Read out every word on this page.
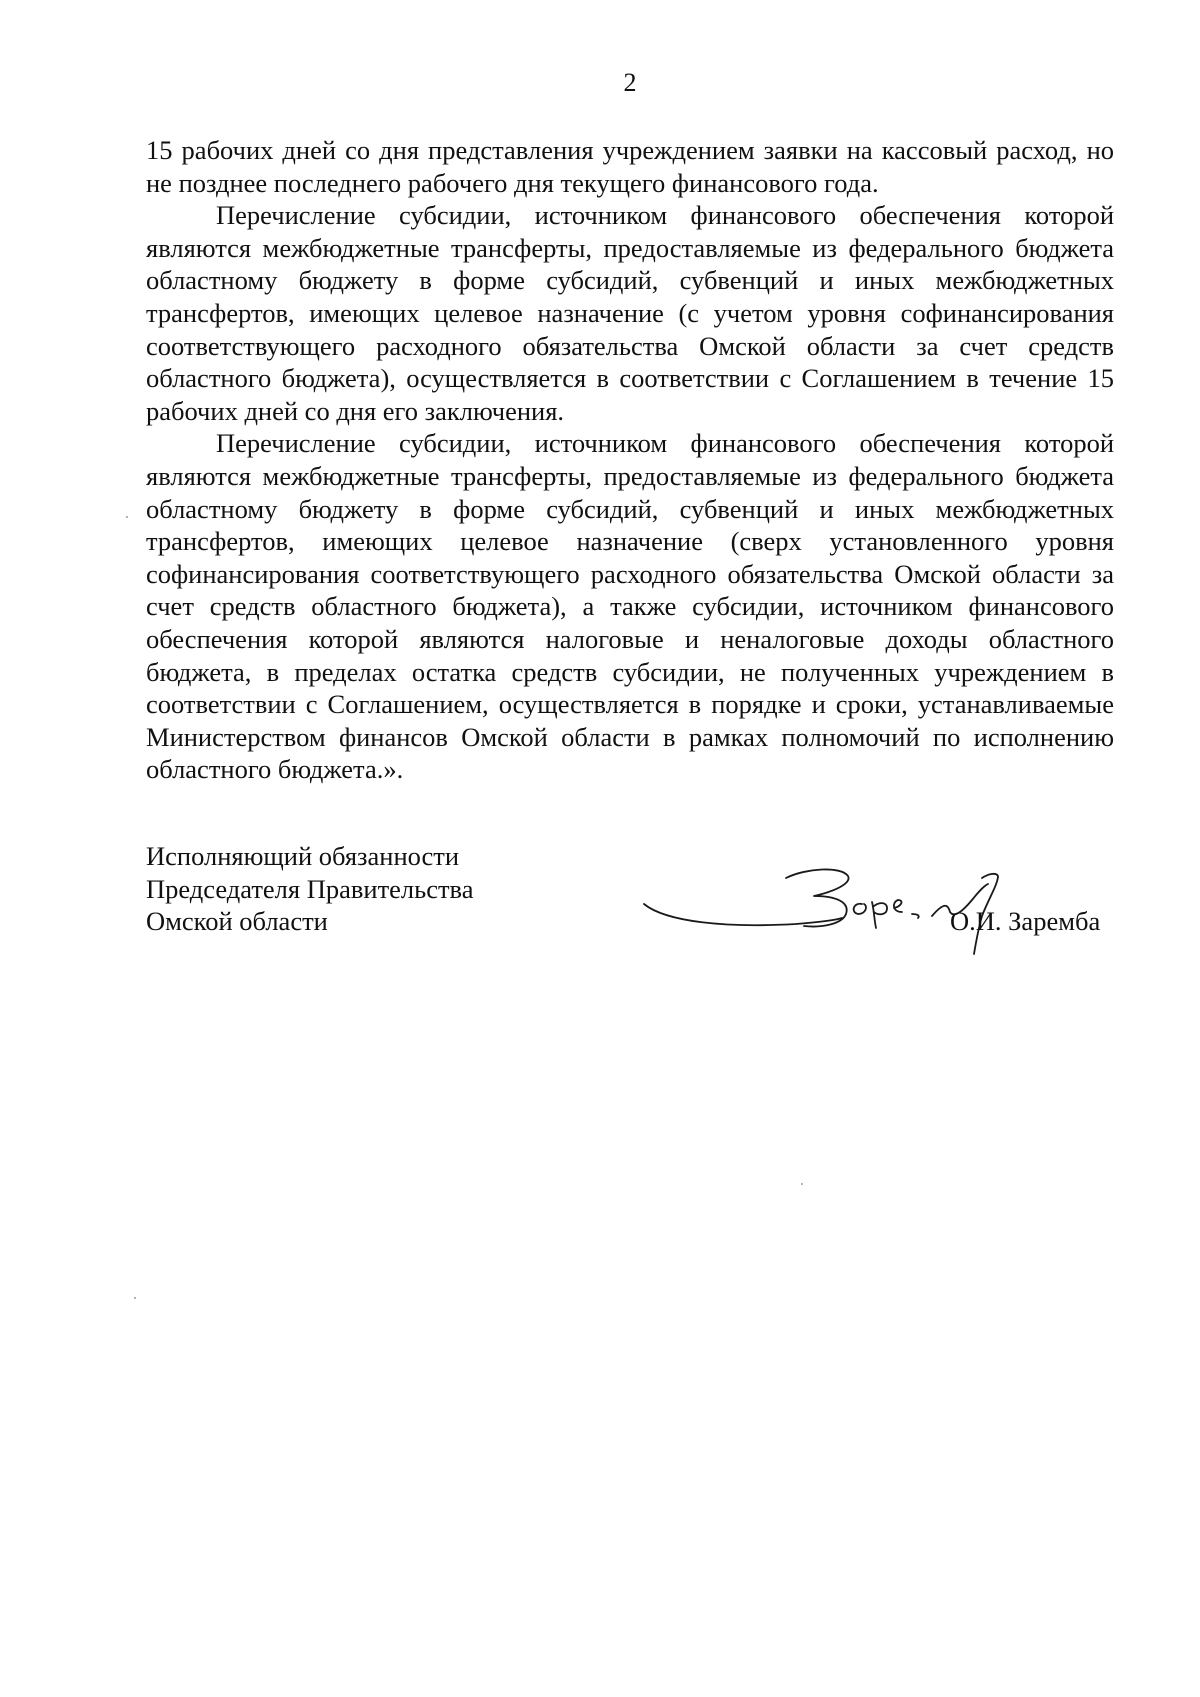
2

15 рабочих дней со дня представления учреждением заявки на кассовый расход, но не позднее последнего рабочего дня текущего финансового года.

Перечисление субсидии, источником финансового обеспечения которой являются межбюджетные трансферты, предоставляемые из федерального бюджета областному бюджету в форме субсидий, субвенций и иных межбюджетных трансфертов, имеющих целевое назначение (с учетом уровня софинансирования соответствующего расходного обязательства Омской области за счет средств областного бюджета), осуществляется в соответствии с Соглашением в течение 15 рабочих дней со дня его заключения.

Перечисление субсидии, источником финансового обеспечения которой являются межбюджетные трансферты, предоставляемые из федерального бюджета областному бюджету в форме субсидий, субвенций и иных межбюджетных трансфертов, имеющих целевое назначение (сверх установленного уровня софинансирования соответствующего расходного обязательства Омской области за счет средств областного бюджета), а также субсидии, источником финансового обеспечения которой являются налоговые и неналоговые доходы областного бюджета, в пределах остатка средств субсидии, не полученных учреждением в соответствии с Соглашением, осуществляется в порядке и сроки, устанавливаемые Министерством финансов Омской области в рамках полномочий по исполнению областного бюджета.».

Исполняющий обязанности
Председателя Правительства
Омской области	О.И. Заремба
